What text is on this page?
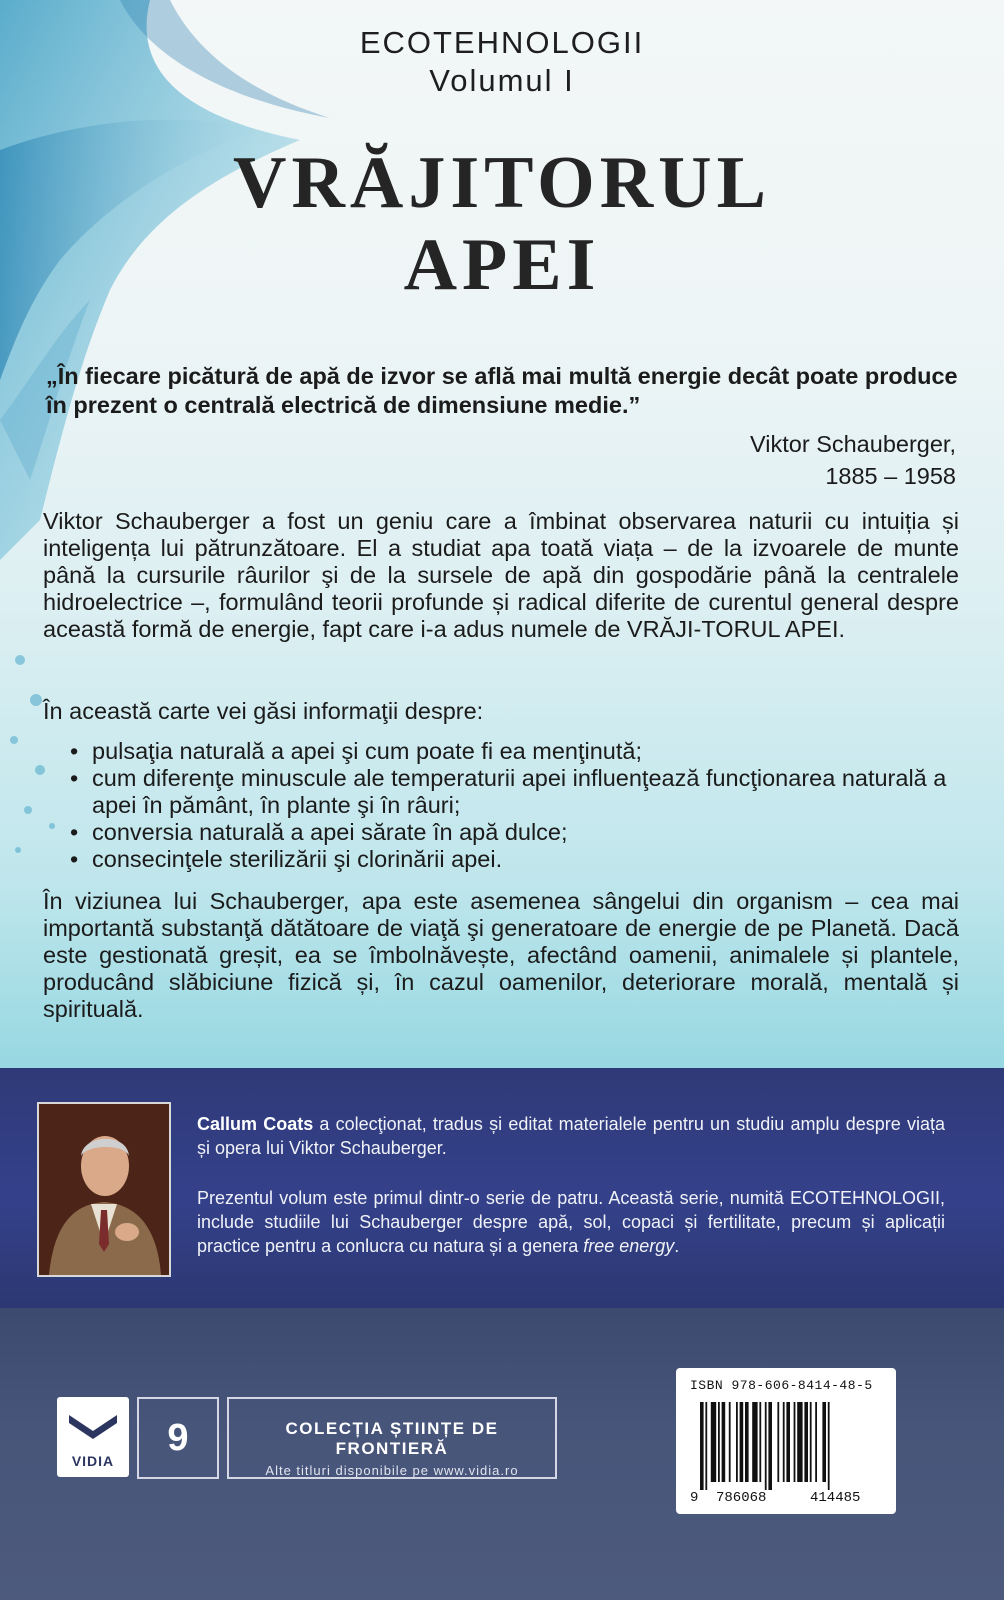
ECOTEHNOLOGII
Volumul I
VRĂJITORUL
APEI
„În fiecare picătură de apă de izvor se află mai multă energie decât poate produce în prezent o centrală electrică de dimensiune medie.”
Viktor Schauberger,
1885 – 1958
Viktor Schauberger a fost un geniu care a îmbinat observarea naturii cu intuiția și inteligența lui pătrunzătoare. El a studiat apa toată viața – de la izvoarele de munte până la cursurile râurilor şi de la sursele de apă din gospodărie până la centralele hidroelectrice –, formulând teorii profunde și radical diferite de curentul general despre această formă de energie, fapt care i-a adus numele de VRĂJI-TORUL APEI.
În această carte vei găsi informaţii despre:
• pulsaţia naturală a apei şi cum poate fi ea menţinută;
• cum diferenţe minuscule ale temperaturii apei influenţează funcţionarea naturală a apei în pământ, în plante şi în râuri;
• conversia naturală a apei sărate în apă dulce;
• consecinţele sterilizării şi clorinării apei.
În viziunea lui Schauberger, apa este asemenea sângelui din organism – cea mai importantă substanţă dătătoare de viaţă şi generatoare de energie de pe Planetă. Dacă este gestionată greșit, ea se îmbolnăvește, afectând oamenii, animalele și plantele, producând slăbiciune fizică și, în cazul oamenilor, deteriorare morală, mentală și spirituală.
Callum Coats a colecţionat, tradus și editat materialele pentru un studiu amplu despre viața și opera lui Viktor Schauberger.
Prezentul volum este primul dintr-o serie de patru. Această serie, numită ECOTEHNOLOGII, include studiile lui Schauberger despre apă, sol, copaci și fertilitate, precum și aplicații practice pentru a conlucra cu natura și a genera free energy.
VIDIA
9	COLECȚIA ȘTIINȚE DE FRONTIERĂ
Alte titluri disponibile pe www.vidia.ro
ISBN 978-606-8414-48-5
9 786068	414485
